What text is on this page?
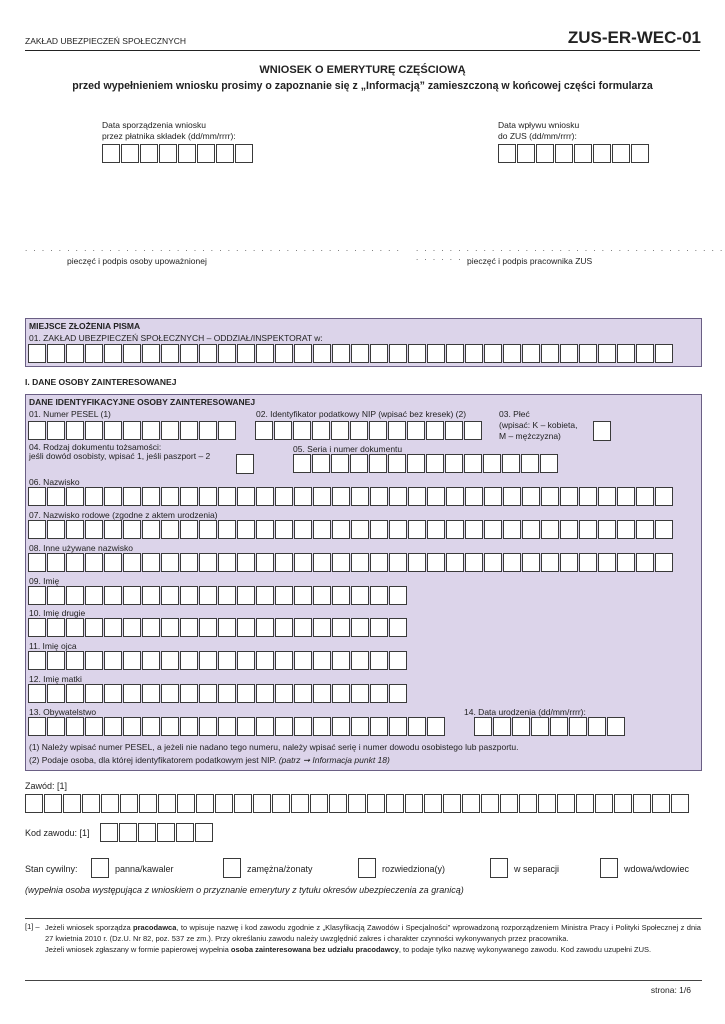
ZAKŁAD UBEZPIECZEŃ SPOŁECZNYCH	ZUS-ER-WEC-01
WNIOSEK O EMERYTURĘ CZĘŚCIOWĄ
przed wypełnieniem wniosku prosimy o zapoznanie się z „Informacją” zamieszczoną w końcowej części formularza
Data sporządzenia wniosku
przez płatnika składek (dd/mm/rrrr):
Data wpływu wniosku
do ZUS (dd/mm/rrrr):
. . . . . . . . . . . . . . . . . . . . . . . . . . . . . . . . . . . . . . . . . . . . .
pieczęć i podpis osoby upoważnionej
. . . . . . . . . . . . . . . . . . . . . . . . . . . . . . . . . . . . . . . . . . . .
pieczęć i podpis pracownika ZUS
MIEJSCE ZŁOŻENIA PISMA
01. ZAKŁAD UBEZPIECZEŃ SPOŁECZNYCH – ODDZIAŁ/INSPEKTORAT w:
I. DANE OSOBY ZAINTERESOWANEJ
DANE IDENTYFIKACYJNE OSOBY ZAINTERESOWANEJ
01. Numer PESEL (1)	02. Identyfikator podatkowy NIP (wpisać bez kresek) (2)	03. Płeć
(wpisać: K – kobieta,
M – mężczyzna)
04. Rodzaj dokumentu tożsamości:
jeśli dowód osobisty, wpisać 1, jeśli paszport – 2
05. Seria i numer dokumentu
06. Nazwisko
07. Nazwisko rodowe (zgodne z aktem urodzenia)
08. Inne używane nazwisko
09. Imię
10. Imię drugie
11. Imię ojca
12. Imię matki
13. Obywatelstwo	14. Data urodzenia (dd/mm/rrrr):
(1) Należy wpisać numer PESEL, a jeżeli nie nadano tego numeru, należy wpisać serię i numer dowodu osobistego lub paszportu.
(2) Podaje osoba, dla której identyfikatorem podatkowym jest NIP. (patrz ➞ Informacja punkt 18)
Zawód: [1]
Kod zawodu: [1]
Stan cywilny:	panna/kawaler	zamężna/żonaty	rozwiedziona(y)	w separacji	wdowa/wdowiec
(wypełnia osoba występująca z wnioskiem o przyznanie emerytury z tytułu okresów ubezpieczenia za granicą)
[1] – Jeżeli wniosek sporządza pracodawca, to wpisuje nazwę i kod zawodu zgodnie z „Klasyfikacją Zawodów i Specjalności” wprowadzoną rozporządzeniem Ministra Pracy i Polityki Społecznej z dnia 27 kwietnia 2010 r. (Dz.U. Nr 82, poz. 537 ze zm.). Przy określaniu zawodu należy uwzględnić zakres i charakter czynności wykonywanych przez pracownika.
Jeżeli wniosek zgłaszany w formie papierowej wypełnia osoba zainteresowana bez udziału pracodawcy, to podaje tylko nazwę wykonywanego zawodu. Kod zawodu uzupełni ZUS.
strona: 1/6
